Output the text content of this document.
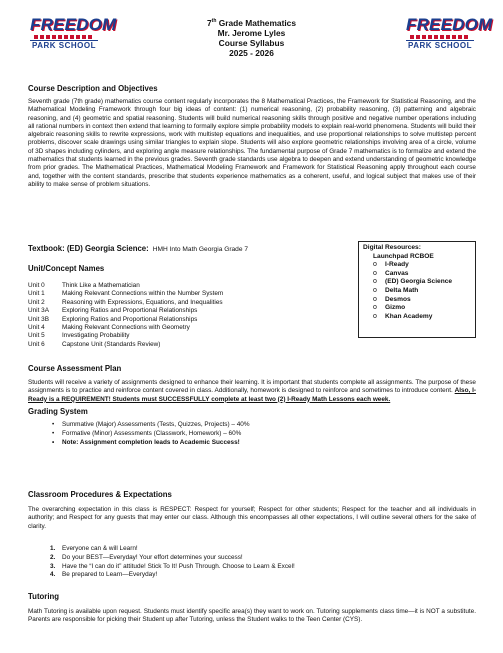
FREEDOM
PARK SCHOOL
FREEDOM
PARK SCHOOL
7th Grade Mathematics
Mr. Jerome Lyles
Course Syllabus
2025 - 2026
Course Description and Objectives
Seventh grade (7th grade) mathematics course content regularly incorporates the 8 Mathematical Practices, the Framework for Statistical Reasoning, and the Mathematical Modeling Framework through four big ideas of content: (1) numerical reasoning, (2) probability reasoning, (3) patterning and algebraic reasoning, and (4) geometric and spatial reasoning. Students will build numerical reasoning skills through positive and negative number operations including all rational numbers in context then extend that learning to formally explore simple probability models to explain real-world phenomena. Students will build their algebraic reasoning skills to rewrite expressions, work with multistep equations and inequalities, and use proportional relationships to solve multistep percent problems, discover scale drawings using similar triangles to explain slope. Students will also explore geometric relationships involving area of a circle, volume of 3D shapes including cylinders, and exploring angle measure relationships. The fundamental purpose of Grade 7 mathematics is to formalize and extend the mathematics that students learned in the previous grades. Seventh grade standards use algebra to deepen and extend understanding of geometric knowledge from prior grades. The Mathematical Practices, Mathematical Modeling Framework and Framework for Statistical Reasoning apply throughout each course and, together with the content standards, prescribe that students experience mathematics as a coherent, useful, and logical subject that makes use of their ability to make sense of problem situations.
Textbook: (ED) Georgia Science: HMH Into Math Georgia Grade 7
Unit/Concept Names
Unit 0	Think Like a Mathematician
Unit 1	Making Relevant Connections within the Number System
Unit 2	Reasoning with Expressions, Equations, and Inequalities
Unit 3A	Exploring Ratios and Proportional Relationships
Unit 3B	Exploring Ratios and Proportional Relationships
Unit 4	Making Relevant Connections with Geometry
Unit 5	Investigating Probability
Unit 6	Capstone Unit (Standards Review)
Digital Resources:
Launchpad RCBOE
o	I-Ready
o	Canvas
o	(ED) Georgia Science
o	Delta Math
o	Desmos
o	Gizmo
o	Khan Academy
Course Assessment Plan
Students will receive a variety of assignments designed to enhance their learning. It is important that students complete all assignments. The purpose of these assignments is to practice and reinforce content covered in class. Additionally, homework is designed to reinforce and sometimes to introduce content. Also, I-Ready is a REQUIREMENT! Students must SUCCESSFULLY complete at least two (2) I-Ready Math Lessons each week.
Grading System
•	Summative (Major) Assessments (Tests, Quizzes, Projects) – 40%
•	Formative (Minor) Assessments (Classwork, Homework) – 60%
•	Note: Assignment completion leads to Academic Success!
Classroom Procedures & Expectations
The overarching expectation in this class is RESPECT: Respect for yourself; Respect for other students; Respect for the teacher and all individuals in authority; and Respect for any guests that may enter our class. Although this encompasses all other expectations, I will outline several others for the sake of clarity.
1.	Everyone can & will Learn!
2.	Do your BEST—Everyday! Your effort determines your success!
3.	Have the “I can do it” attitude! Stick To It! Push Through. Choose to Learn & Excel!
4.	Be prepared to Learn—Everyday!
Tutoring
Math Tutoring is available upon request. Students must identify specific area(s) they want to work on. Tutoring supplements class time—it is NOT a substitute. Parents are responsible for picking their Student up after Tutoring, unless the Student walks to the Teen Center (CYS).
